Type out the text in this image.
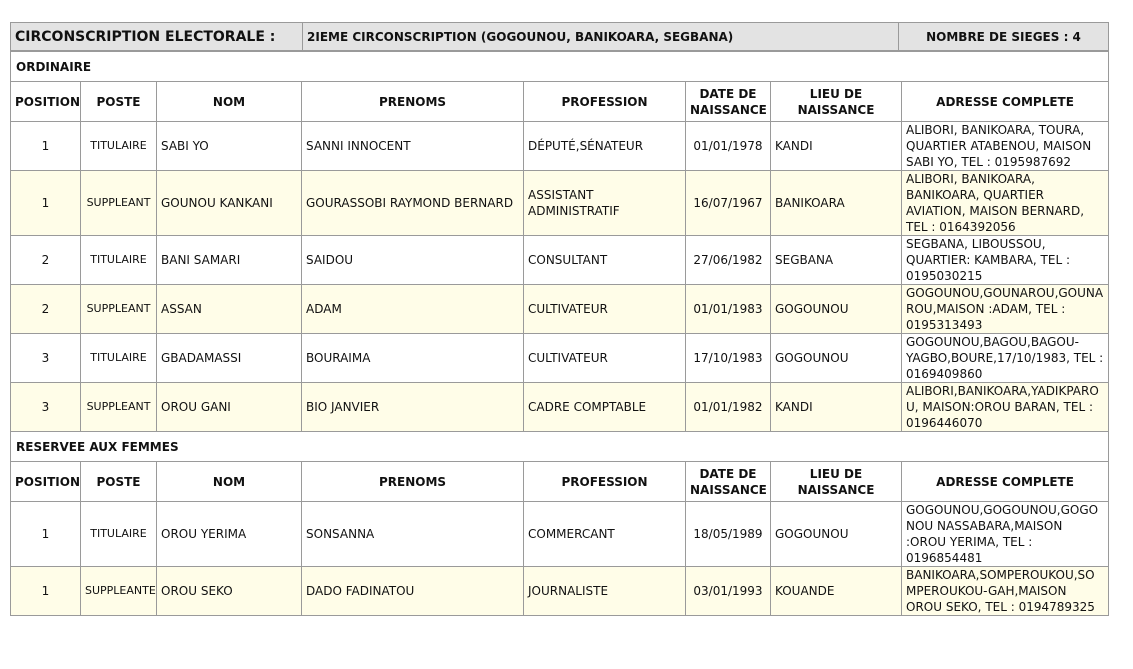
CIRCONSCRIPTION ELECTORALE :	2IEME CIRCONSCRIPTION (GOGOUNOU, BANIKOARA, SEGBANA)	NOMBRE DE SIEGES : 4
ORDINAIRE							
POSITION	POSTE	NOM	PRENOMS	PROFESSION	DATE DE NAISSANCE	LIEU DE NAISSANCE	ADRESSE COMPLETE
1	TITULAIRE	SABI YO	SANNI INNOCENT	DÉPUTÉ,SÉNATEUR	01/01/1978	KANDI	ALIBORI, BANIKOARA, TOURA, QUARTIER ATABENOU, MAISON SABI YO, TEL : 0195987692
1	SUPPLEANT	GOUNOU KANKANI	GOURASSOBI RAYMOND BERNARD	ASSISTANT ADMINISTRATIF	16/07/1967	BANIKOARA	ALIBORI, BANIKOARA, BANIKOARA, QUARTIER AVIATION, MAISON BERNARD, TEL : 0164392056
2	TITULAIRE	BANI SAMARI	SAIDOU	CONSULTANT	27/06/1982	SEGBANA	SEGBANA, LIBOUSSOU, QUARTIER: KAMBARA, TEL : 0195030215
2	SUPPLEANT	ASSAN	ADAM	CULTIVATEUR	01/01/1983	GOGOUNOU	GOGOUNOU,GOUNAROU,GOUNAROU,MAISON :ADAM, TEL : 0195313493
3	TITULAIRE	GBADAMASSI	BOURAIMA	CULTIVATEUR	17/10/1983	GOGOUNOU	GOGOUNOU,BAGOU,BAGOU-YAGBO,BOURE,17/10/1983, TEL : 0169409860
3	SUPPLEANT	OROU GANI	BIO JANVIER	CADRE COMPTABLE	01/01/1982	KANDI	ALIBORI,BANIKOARA,YADIKPAROU, MAISON:OROU BARAN, TEL : 0196446070
RESERVEE AUX FEMMES							
POSITION	POSTE	NOM	PRENOMS	PROFESSION	DATE DE NAISSANCE	LIEU DE NAISSANCE	ADRESSE COMPLETE
1	TITULAIRE	OROU YERIMA	SONSANNA	COMMERCANT	18/05/1989	GOGOUNOU	GOGOUNOU,GOGOUNOU,GOGONOU NASSABARA,MAISON :OROU YERIMA, TEL : 0196854481
1	SUPPLEANTE	OROU SEKO	DADO FADINATOU	JOURNALISTE	03/01/1993	KOUANDE	BANIKOARA,SOMPEROUKOU,SOMPEROUKOU-GAH,MAISON OROU SEKO, TEL : 0194789325
